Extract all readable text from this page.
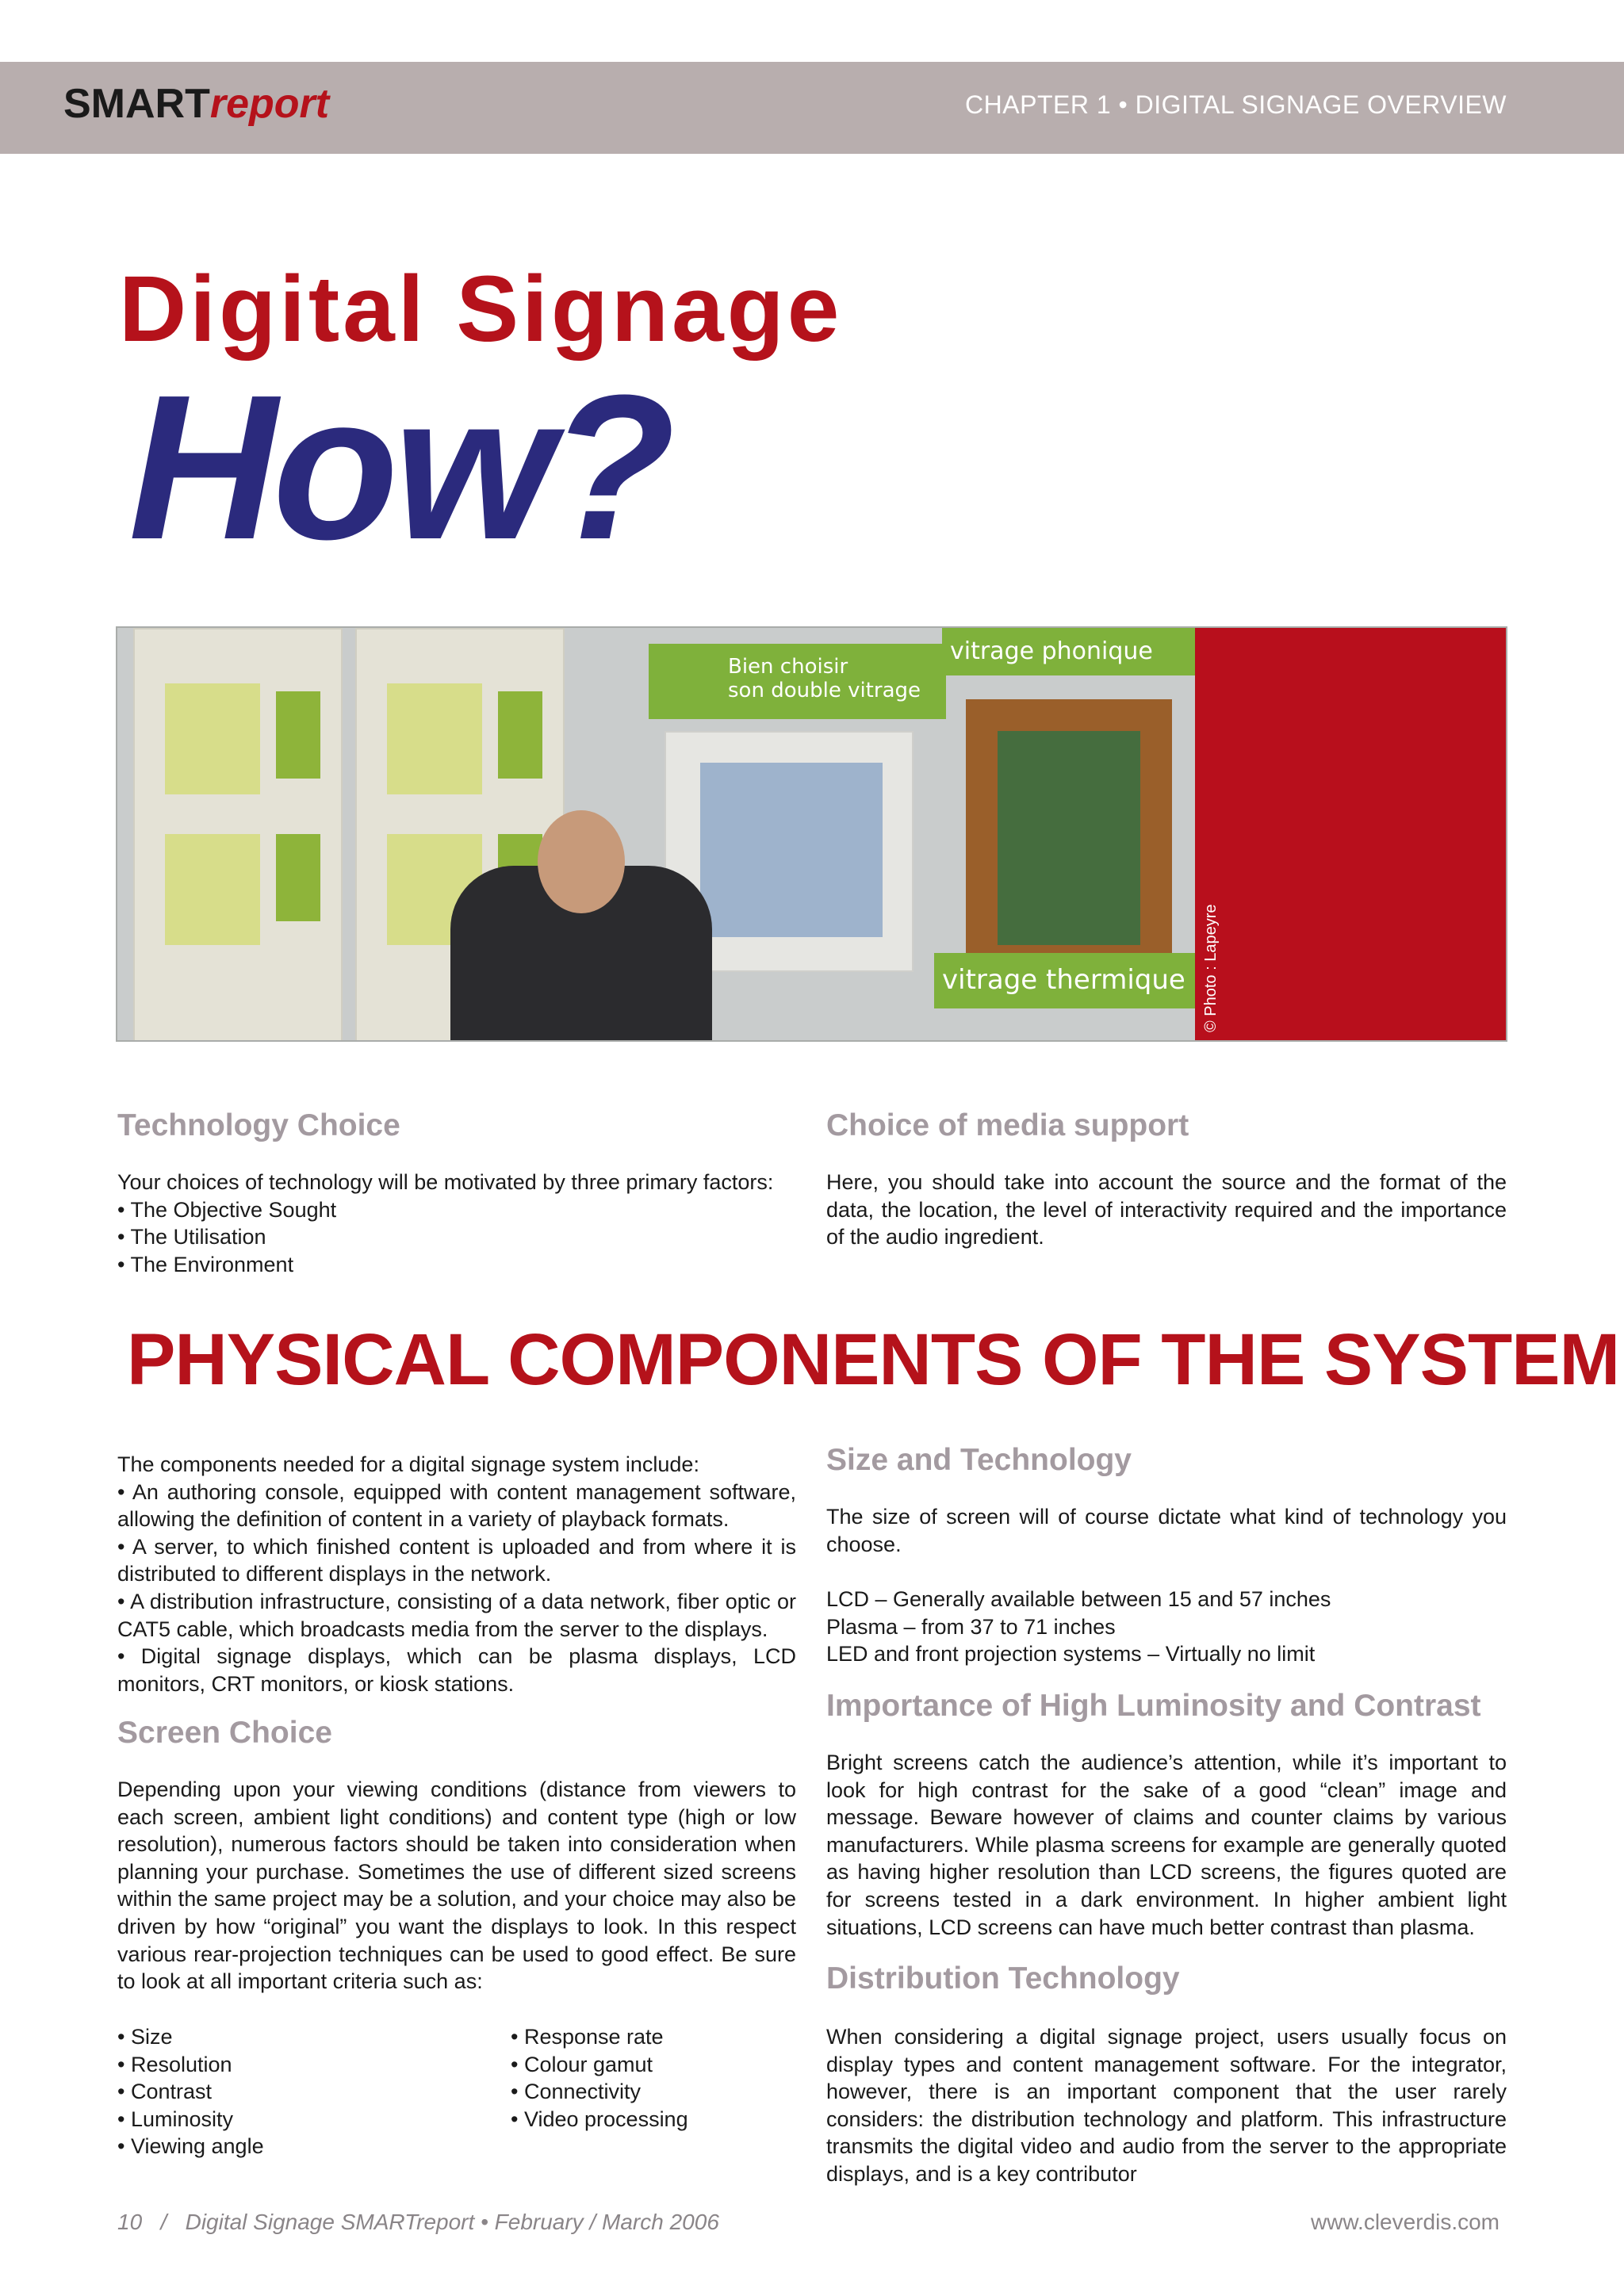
SMARTreport	CHAPTER 1 • DIGITAL SIGNAGE OVERVIEW
Digital Signage
How?
Bien choisir
son double vitrage
vitrage phonique
vitrage thermique	© Photo : Lapeyre
Technology Choice
Your choices of technology will be motivated by three primary factors:
• The Objective Sought
• The Utilisation
• The Environment
Choice of media support
Here, you should take into account the source and the format of the data, the location, the level of interactivity required and the importance of the audio ingredient.
PHYSICAL COMPONENTS OF THE SYSTEM
The components needed for a digital signage system include:
• An authoring console, equipped with content management software, allowing the definition of content in a variety of playback formats.
• A server, to which finished content is uploaded and from where it is distributed to different displays in the network.
• A distribution infrastructure, consisting of a data network, fiber optic or CAT5 cable, which broadcasts media from the server to the displays.
• Digital signage displays, which can be plasma displays, LCD monitors, CRT monitors, or kiosk stations.
Screen Choice
Depending upon your viewing conditions (distance from viewers to each screen, ambient light conditions) and content type (high or low resolution), numerous factors should be taken into consideration when planning your purchase. Sometimes the use of different sized screens within the same project may be a solution, and your choice may also be driven by how “original” you want the displays to look. In this respect various rear-projection techniques can be used to good effect. Be sure to look at all important criteria such as:
• Size
• Resolution
• Contrast
• Luminosity
• Viewing angle
• Response rate
• Colour gamut
• Connectivity
• Video processing
Size and Technology
The size of screen will of course dictate what kind of technology you choose.
LCD – Generally available between 15 and 57 inches
Plasma – from 37 to 71 inches
LED and front projection systems – Virtually no limit
Importance of High Luminosity and Contrast
Bright screens catch the audience’s attention, while it’s important to look for high contrast for the sake of a good “clean” image and message. Beware however of claims and counter claims by various manufacturers. While plasma screens for example are generally quoted as having higher resolution than LCD screens, the figures quoted are for screens tested in a dark environment. In higher ambient light situations, LCD screens can have much better contrast than plasma.
Distribution Technology
When considering a digital signage project, users usually focus on display types and content management software. For the integrator, however, there is an important component that the user rarely considers: the distribution technology and platform. This infrastructure transmits the digital video and audio from the server to the appropriate displays, and is a key contributor
10   /   Digital Signage SMARTreport • February / March 2006	www.cleverdis.com
